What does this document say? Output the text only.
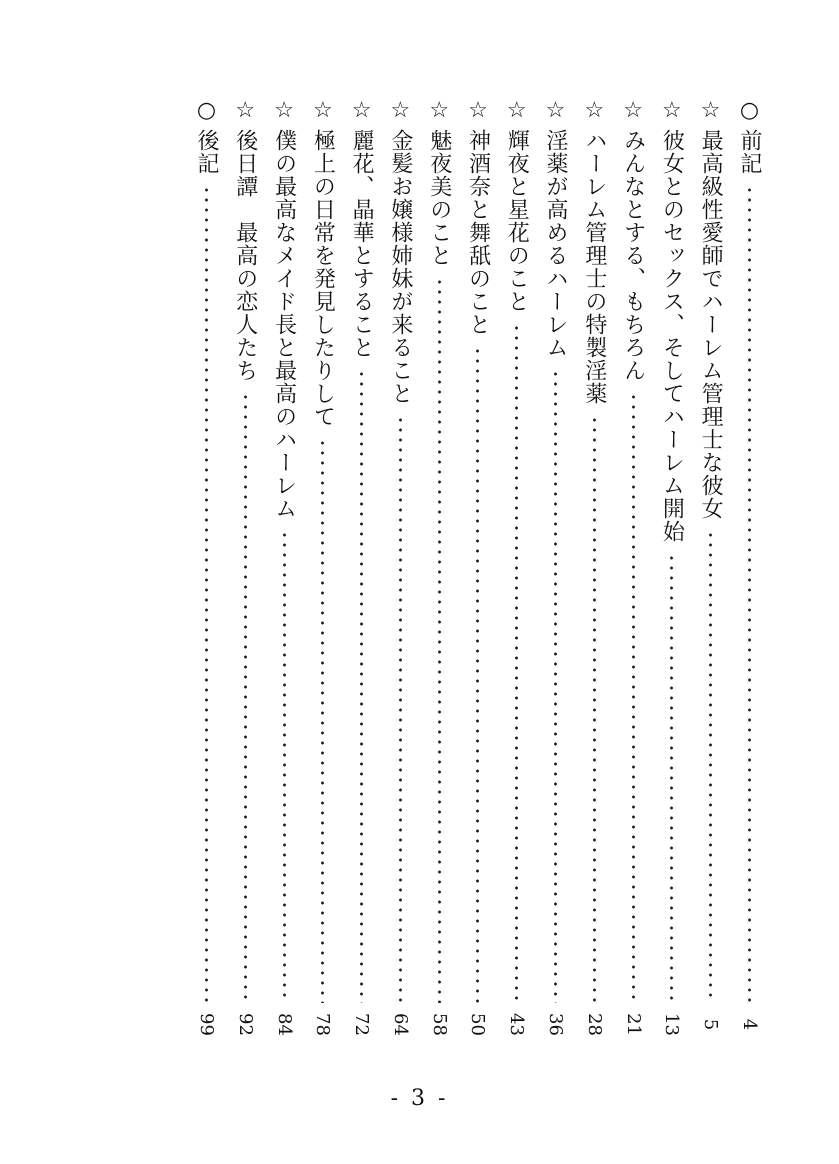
○
前記
4
☆
最高級性愛師でハーレム管理士な彼女
5
☆
彼女とのセックス、そしてハーレム開始
13
☆
みんなとする、もちろん
21
☆
ハーレム管理士の特製淫薬
28
☆
淫薬が高めるハーレム
36
☆
輝夜と星花のこと
43
☆
神酒奈と舞舐のこと
50
☆
魅夜美のこと
58
☆
金髪お嬢様姉妹が来ること
64
☆
麗花、晶華とすること
72
☆
極上の日常を発見したりして
78
☆
僕の最高なメイド長と最高のハーレム
84
☆
後日譚　最高の恋人たち
92
○
後記
99
- 3 -
